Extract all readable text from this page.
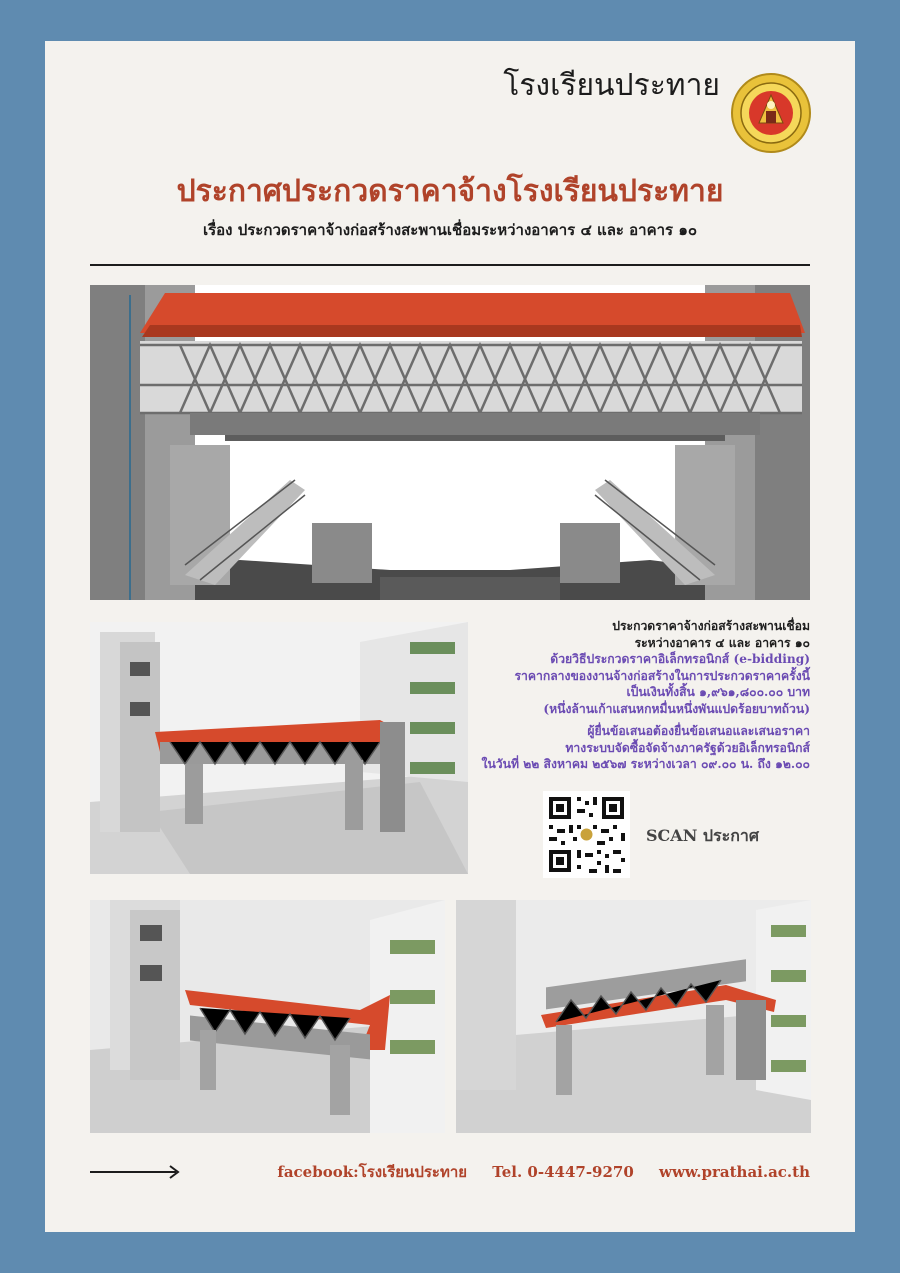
โรงเรียนประทาย
ประกาศประกวดราคาจ้างโรงเรียนประทาย
เรื่อง ประกวดราคาจ้างก่อสร้างสะพานเชื่อมระหว่างอาคาร ๔ และ อาคาร ๑๐
ประกวดราคาจ้างก่อสร้างสะพานเชื่อม
ระหว่างอาคาร ๔ และ อาคาร ๑๐
ด้วยวิธีประกวดราคาอิเล็กทรอนิกส์ (e-bidding)
ราคากลางของงานจ้างก่อสร้างในการประกวดราคาครั้งนี้
เป็นเงินทั้งสิ้น ๑,๙๖๑,๘๐๐.๐๐ บาท
(หนึ่งล้านเก้าแสนหกหมื่นหนึ่งพันแปดร้อยบาทถ้วน)
ผู้ยื่นข้อเสนอต้องยื่นข้อเสนอและเสนอราคา
ทางระบบจัดซื้อจัดจ้างภาครัฐด้วยอิเล็กทรอนิกส์
ในวันที่ ๒๒ สิงหาคม ๒๕๖๗ ระหว่างเวลา ๐๙.๐๐ น. ถึง ๑๒.๐๐
SCAN ประกาศ
facebook:โรงเรียนประทาย Tel. 0-4447-9270 www.prathai.ac.th
